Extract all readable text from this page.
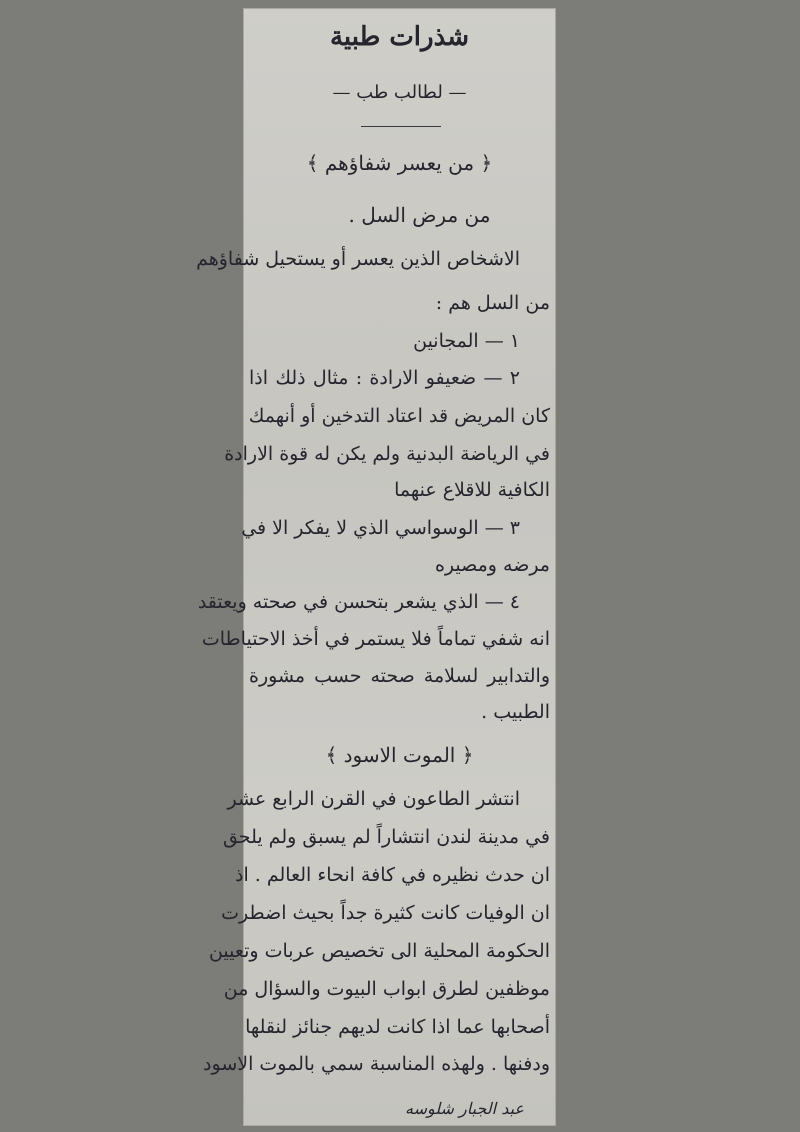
شذرات طبية
— لطالب طب —
﴿ من يعسر شفاؤهم ﴾
من مرض السل .
الاشخاص الذين يعسر أو يستحيل شفاؤهم
من السل هم :
١ — المجانين
٢ — ضعيفو الارادة : مثال ذلك اذا
كان المريض قد اعتاد التدخين أو أنهمك
في الرياضة البدنية ولم يكن له قوة الارادة
الكافية للاقلاع عنهما
٣ — الوسواسي الذي لا يفكر الا في
مرضه ومصيره
٤ — الذي يشعر بتحسن في صحته ويعتقد
انه شفي تماماً فلا يستمر في أخذ الاحتياطات
والتدابير لسلامة صحته حسب مشورة
الطبيب .
﴿ الموت الاسود ﴾
انتشر الطاعون في القرن الرابع عشر
في مدينة لندن انتشاراً لم يسبق ولم يلحق
ان حدث نظيره في كافة انحاء العالم . اذ
ان الوفيات كانت كثيرة جداً بحيث اضطرت
الحكومة المحلية الى تخصيص عربات وتعيين
موظفين لطرق ابواب البيوت والسؤال من
أصحابها عما اذا كانت لديهم جنائز لنقلها
ودفنها . ولهذه المناسبة سمي بالموت الاسود
عبد الجبار شلوسه
